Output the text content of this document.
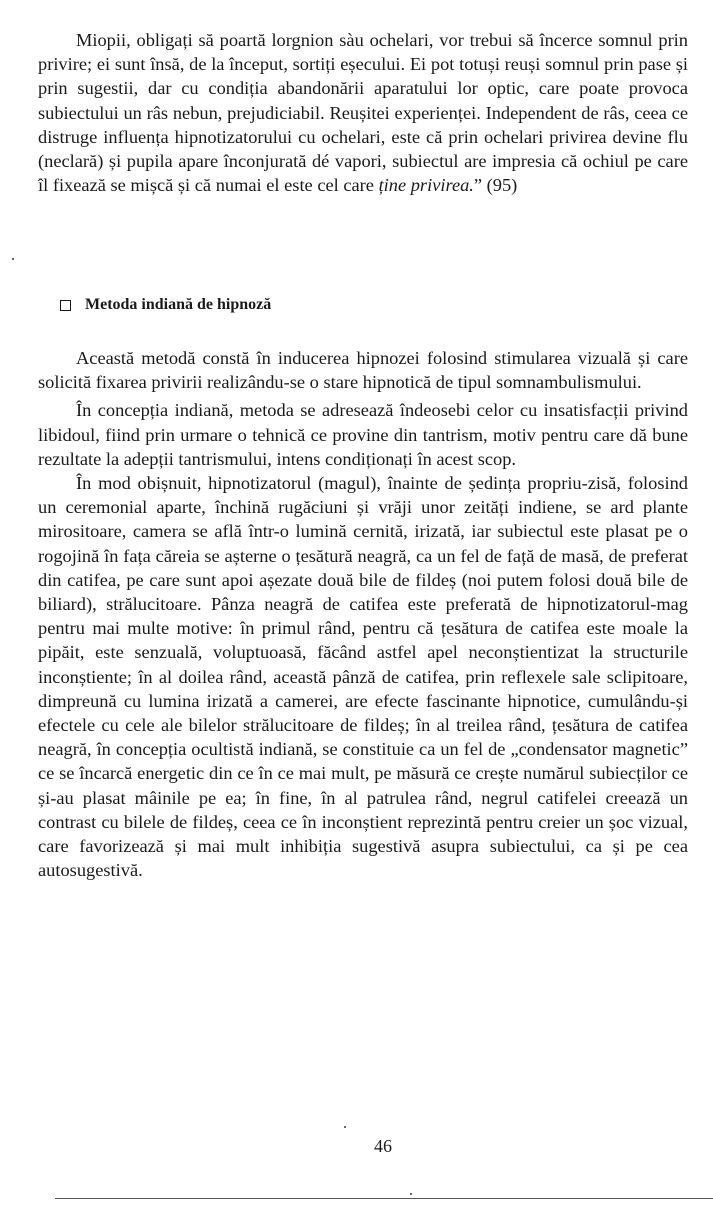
Miopii, obligați să poartă lorgnion sàu ochelari, vor trebui să încerce somnul prin privire; ei sunt însă, de la început, sortiți eșecului. Ei pot totuși reuși somnul prin pase și prin sugestii, dar cu condiția abandonării aparatului lor optic, care poate provoca subiectului un râs nebun, prejudiciabil. Reușitei experienței. Independent de râs, ceea ce distruge influența hipnotizatorului cu ochelari, este că prin ochelari privirea devine flu (neclară) și pupila apare înconjurată dé vapori, subiectul are impresia că ochiul pe care îl fixează se mișcă și că numai el este cel care ține privirea.” (95)

Metoda indiană de hipnoză

Această metodă constă în inducerea hipnozei folosind stimularea vizuală și care solicită fixarea privirii realizându-se o stare hipnotică de tipul somnambulismului.

În concepția indiană, metoda se adresează îndeosebi celor cu insatisfacții privind libidoul, fiind prin urmare o tehnică ce provine din tantrism, motiv pentru care dă bune rezultate la adepții tantrismului, intens condiționați în acest scop.

În mod obișnuit, hipnotizatorul (magul), înainte de ședința propriu-zisă, folosind un ceremonial aparte, închină rugăciuni și vrăji unor zeități indiene, se ard plante mirositoare, camera se află într-o lumină cernită, irizată, iar subiectul este plasat pe o rogojină în fața căreia se așterne o țesătură neagră, ca un fel de față de masă, de preferat din catifea, pe care sunt apoi așezate două bile de fildeș (noi putem folosi două bile de biliard), strălucitoare. Pânza neagră de catifea este preferată de hipnotizatorul-mag pentru mai multe motive: în primul rând, pentru că țesătura de catifea este moale la pipăit, este senzuală, voluptuoasă, făcând astfel apel neconștientizat la structurile inconștiente; în al doilea rând, această pânză de catifea, prin reflexele sale sclipitoare, dimpreună cu lumina irizată a camerei, are efecte fascinante hipnotice, cumulându-și efectele cu cele ale bilelor strălucitoare de fildeș; în al treilea rând, țesătura de catifea neagră, în concepția ocultistă indiană, se constituie ca un fel de „condensator magnetic” ce se încarcă energetic din ce în ce mai mult, pe măsură ce crește numărul subiecților ce și-au plasat mâinile pe ea; în fine, în al patrulea rând, negrul catifelei creează un contrast cu bilele de fildeș, ceea ce în inconștient reprezintă pentru creier un șoc vizual, care favorizează și mai mult inhibiția sugestivă asupra subiectului, ca și pe cea autosugestivă.

46
